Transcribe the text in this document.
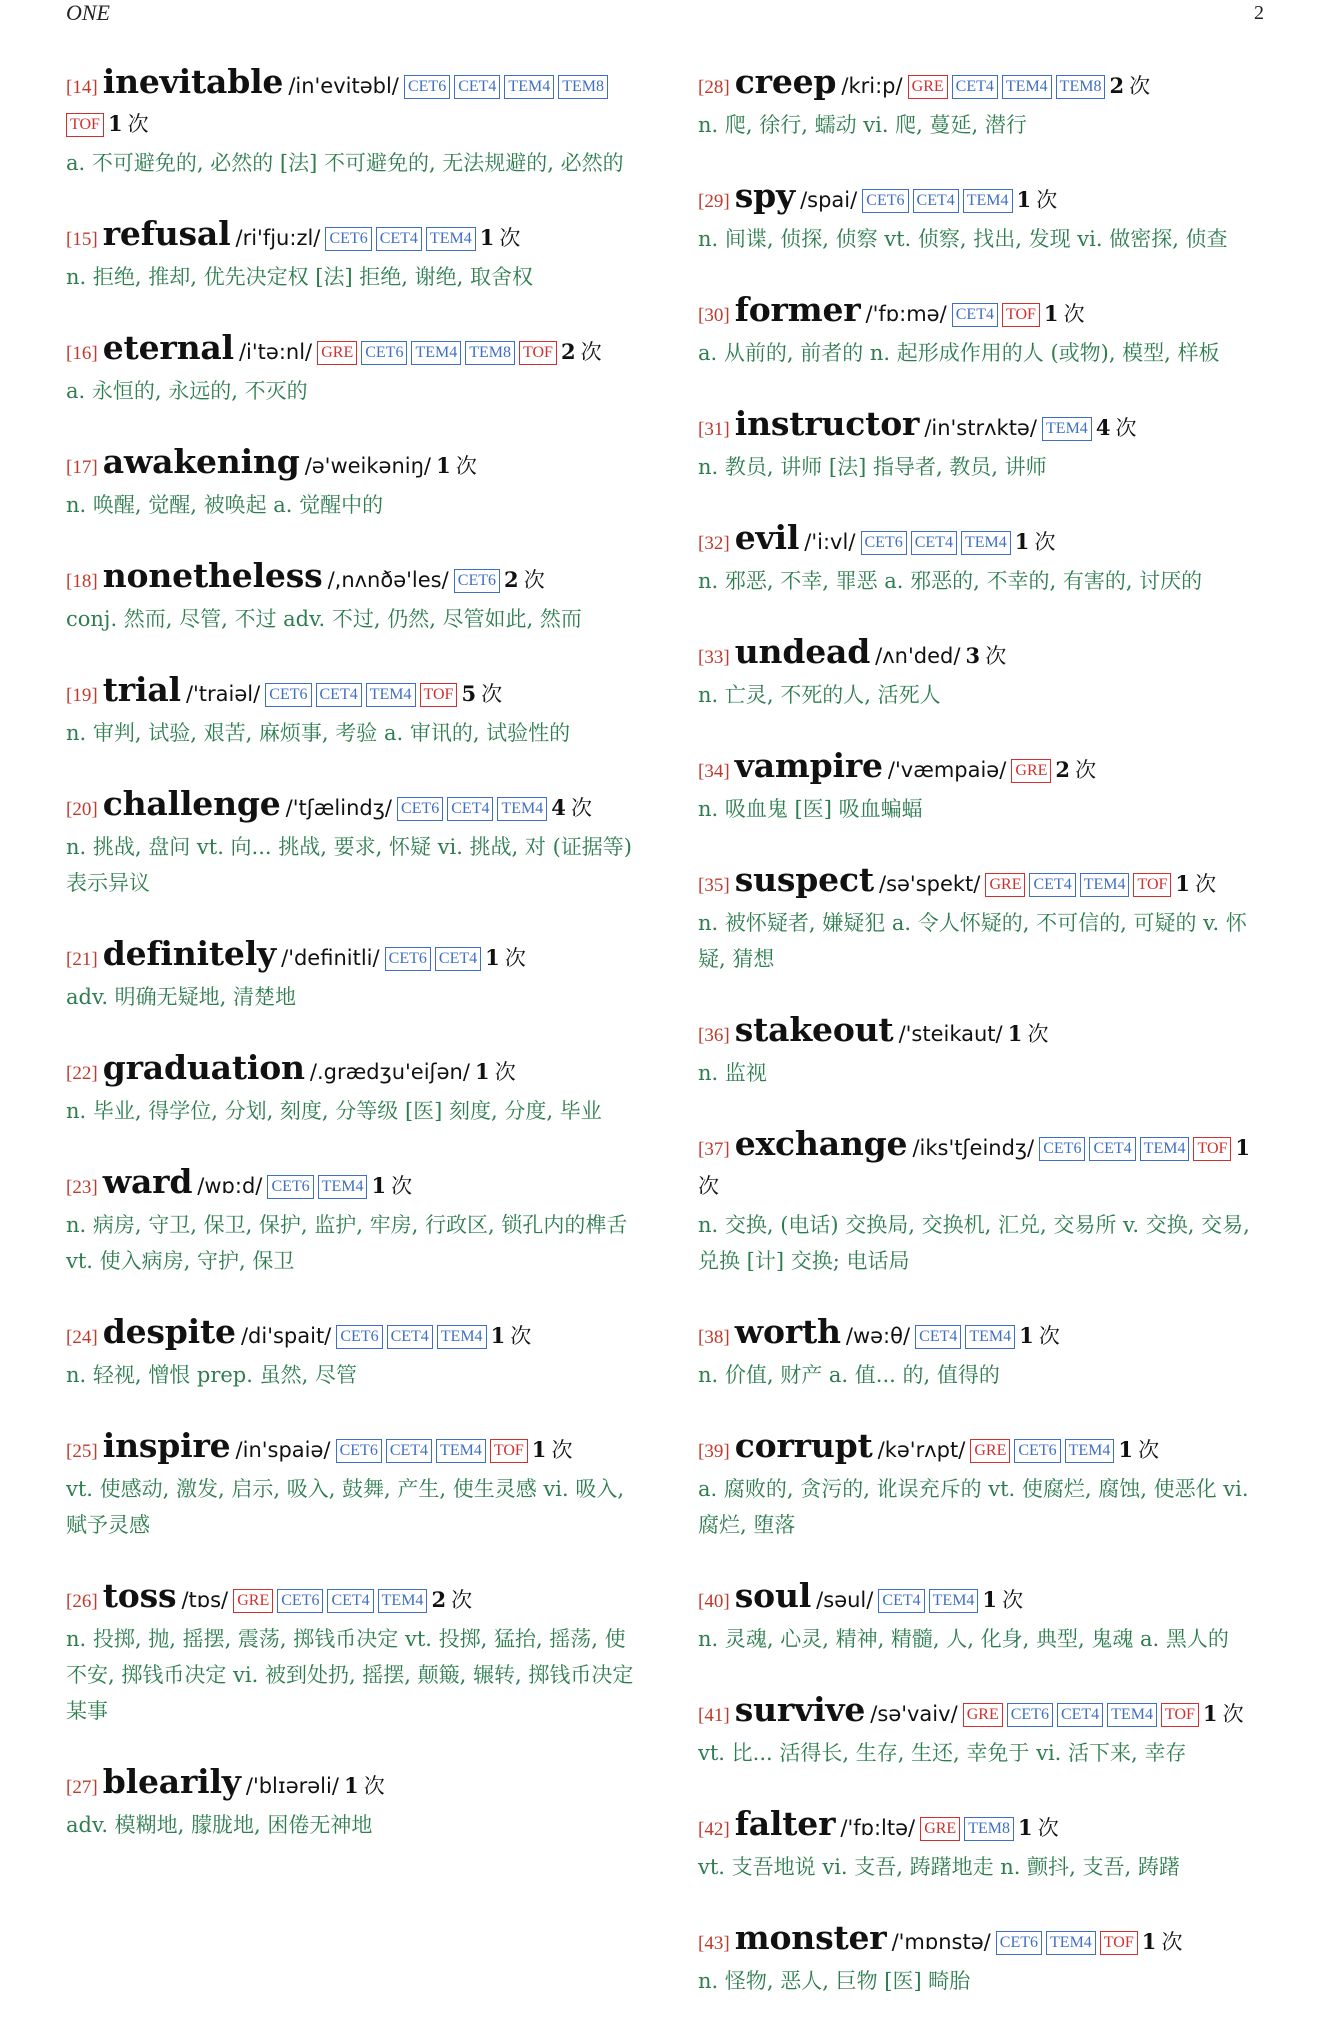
ONE	2
[14] inevitable /in'evitəbl/ CET6 CET4 TEM4 TEM8TOF 1 次
a. 不可避免的, 必然的 [法] 不可避免的, 无法规避的, 必然的
[15] refusal /ri'fju:zl/ CET6 CET4 TEM4 1 次
n. 拒绝, 推却, 优先决定权 [法] 拒绝, 谢绝, 取舍权
[16] eternal /i'tə:nl/ GRE CET6 TEM4 TEM8 TOF 2 次
a. 永恒的, 永远的, 不灭的
[17] awakening /ə'weikəniŋ/ 1 次
n. 唤醒, 觉醒, 被唤起 a. 觉醒中的
[18] nonetheless /,nʌnðə'les/ CET6 2 次
conj. 然而, 尽管, 不过 adv. 不过, 仍然, 尽管如此, 然而
[19] trial /'traiəl/ CET6 CET4 TEM4 TOF 5 次
n. 审判, 试验, 艰苦, 麻烦事, 考验 a. 审讯的, 试验性的
[20] challenge /'tʃælindʒ/ CET6 CET4 TEM4 4 次
n. 挑战, 盘问 vt. 向... 挑战, 要求, 怀疑 vi. 挑战, 对 (证据等) 表示异议
[21] definitely /'definitli/ CET6 CET4 1 次
adv. 明确无疑地, 清楚地
[22] graduation /.grædʒu'eiʃən/ 1 次
n. 毕业, 得学位, 分划, 刻度, 分等级 [医] 刻度, 分度, 毕业
[23] ward /wɒ:d/ CET6 TEM4 1 次
n. 病房, 守卫, 保卫, 保护, 监护, 牢房, 行政区, 锁孔内的榫舌 vt. 使入病房, 守护, 保卫
[24] despite /di'spait/ CET6 CET4 TEM4 1 次
n. 轻视, 憎恨 prep. 虽然, 尽管
[25] inspire /in'spaiə/ CET6 CET4 TEM4 TOF 1 次
vt. 使感动, 激发, 启示, 吸入, 鼓舞, 产生, 使生灵感 vi. 吸入, 赋予灵感
[26] toss /tɒs/ GRE CET6 CET4 TEM4 2 次
n. 投掷, 抛, 摇摆, 震荡, 掷钱币决定 vt. 投掷, 猛抬, 摇荡, 使不安, 掷钱币决定 vi. 被到处扔, 摇摆, 颠簸, 辗转, 掷钱币决定某事
[27] blearily /'blɪərəli/ 1 次
adv. 模糊地, 朦胧地, 困倦无神地
[28] creep /kri:p/ GRE CET4 TEM4 TEM8 2 次
n. 爬, 徐行, 蠕动 vi. 爬, 蔓延, 潜行
[29] spy /spai/ CET6 CET4 TEM4 1 次
n. 间谍, 侦探, 侦察 vt. 侦察, 找出, 发现 vi. 做密探, 侦查
[30] former /'fɒ:mə/ CET4 TOF 1 次
a. 从前的, 前者的 n. 起形成作用的人 (或物), 模型, 样板
[31] instructor /in'strʌktə/ TEM4 4 次
n. 教员, 讲师 [法] 指导者, 教员, 讲师
[32] evil /'i:vl/ CET6 CET4 TEM4 1 次
n. 邪恶, 不幸, 罪恶 a. 邪恶的, 不幸的, 有害的, 讨厌的
[33] undead /ʌn'ded/ 3 次
n. 亡灵, 不死的人, 活死人
[34] vampire /'væmpaiə/ GRE 2 次
n. 吸血鬼 [医] 吸血蝙蝠
[35] suspect /sə'spekt/ GRE CET4 TEM4 TOF 1 次
n. 被怀疑者, 嫌疑犯 a. 令人怀疑的, 不可信的, 可疑的 v. 怀疑, 猜想
[36] stakeout /'steikaut/ 1 次
n. 监视
[37] exchange /iks'tʃeindʒ/ CET6 CET4 TEM4 TOF 1 次
n. 交换, (电话) 交换局, 交换机, 汇兑, 交易所 v. 交换, 交易, 兑换 [计] 交换; 电话局
[38] worth /wə:θ/ CET4 TEM4 1 次
n. 价值, 财产 a. 值... 的, 值得的
[39] corrupt /kə'rʌpt/ GRE CET6 TEM4 1 次
a. 腐败的, 贪污的, 讹误充斥的 vt. 使腐烂, 腐蚀, 使恶化 vi. 腐烂, 堕落
[40] soul /səul/ CET4 TEM4 1 次
n. 灵魂, 心灵, 精神, 精髓, 人, 化身, 典型, 鬼魂 a. 黑人的
[41] survive /sə'vaiv/ GRE CET6 CET4 TEM4 TOF 1 次
vt. 比... 活得长, 生存, 生还, 幸免于 vi. 活下来, 幸存
[42] falter /'fɒ:ltə/ GRE TEM8 1 次
vt. 支吾地说 vi. 支吾, 踌躇地走 n. 颤抖, 支吾, 踌躇
[43] monster /'mɒnstə/ CET6 TEM4 TOF 1 次
n. 怪物, 恶人, 巨物 [医] 畸胎
